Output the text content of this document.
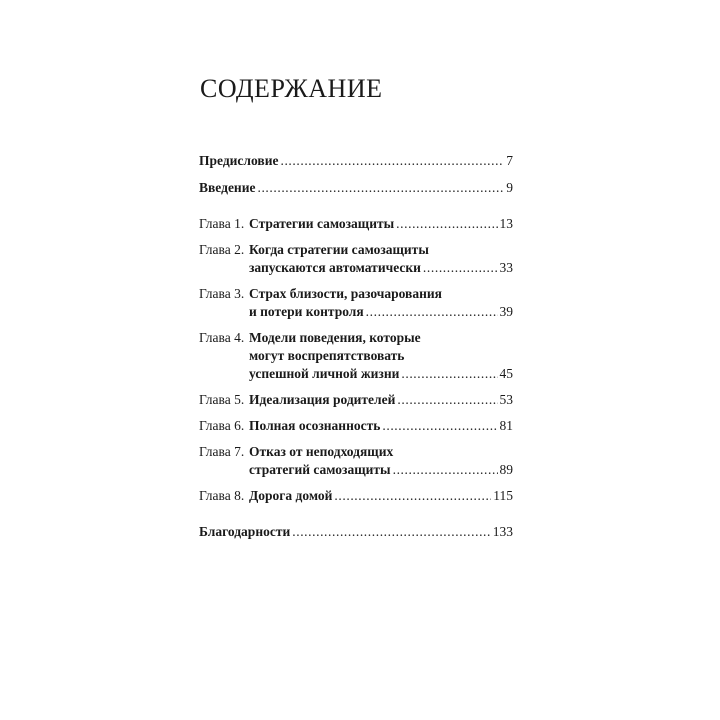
СОДЕРЖАНИЕ
Предисловие .....	7
Введение .....	9
Глава 1. Стратегии самозащиты .....	13
Глава 2. Когда стратегии самозащиты
запускаются автоматически .....	33
Глава 3. Страх близости, разочарования
и потери контроля .....	39
Глава 4. Модели поведения, которые
могут воспрепятствовать
успешной личной жизни .....	45
Глава 5. Идеализация родителей .....	53
Глава 6. Полная осознанность .....	81
Глава 7. Отказ от неподходящих
стратегий самозащиты .....	89
Глава 8. Дорога домой .....	115
Благодарности .....	133
